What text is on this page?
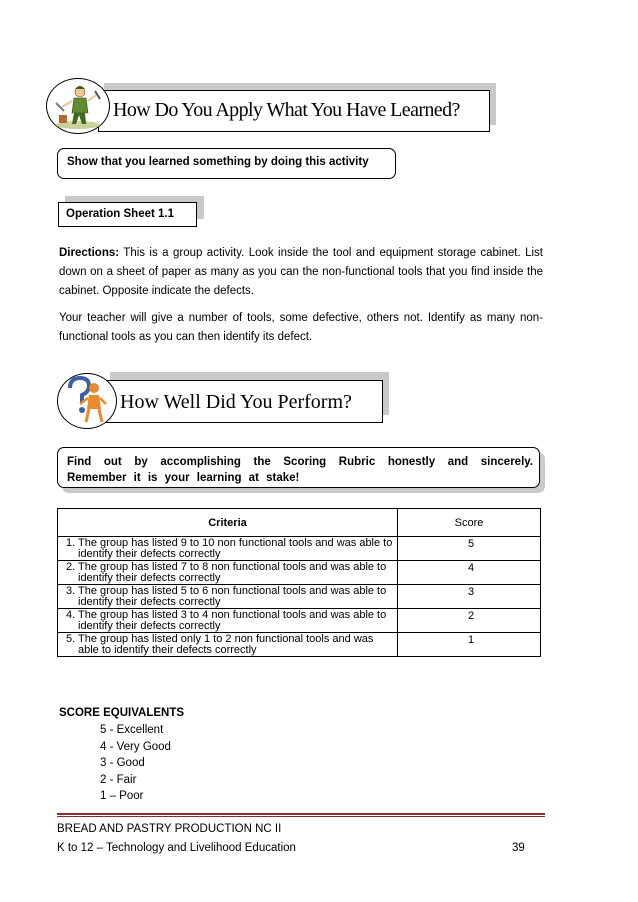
How Do You Apply What You Have Learned?
Show that you learned something by doing this activity
Operation Sheet 1.1

Directions: This is a group activity. Look inside the tool and equipment storage cabinet. List down on a sheet of paper as many as you can the non-functional tools that you find inside the cabinet. Opposite indicate the defects.

Your teacher will give a number of tools, some defective, others not. Identify as many non-functional tools as you can then identify its defect.

How Well Did You Perform?
Find out by accomplishing the Scoring Rubric honestly and sincerely. Remember it is your learning at stake!
Criteria	Score

1. The group has listed 9 to 10 non functional tools and was able to identify their defects correctly	5

2. The group has listed 7 to 8 non functional tools and was able to identify their defects correctly	4

3. The group has listed 5 to 6 non functional tools and was able to identify their defects correctly	3

4. The group has listed 3 to 4 non functional tools and was able to identify their defects correctly	2

5. The group has listed only 1 to 2 non functional tools and was able to identify their defects correctly	1
SCORE EQUIVALENTS
5 - Excellent
4 - Very Good
3 - Good
2 - Fair
1 – Poor
BREAD AND PASTRY PRODUCTION NC II
K to 12 – Technology and Livelihood Education	39
